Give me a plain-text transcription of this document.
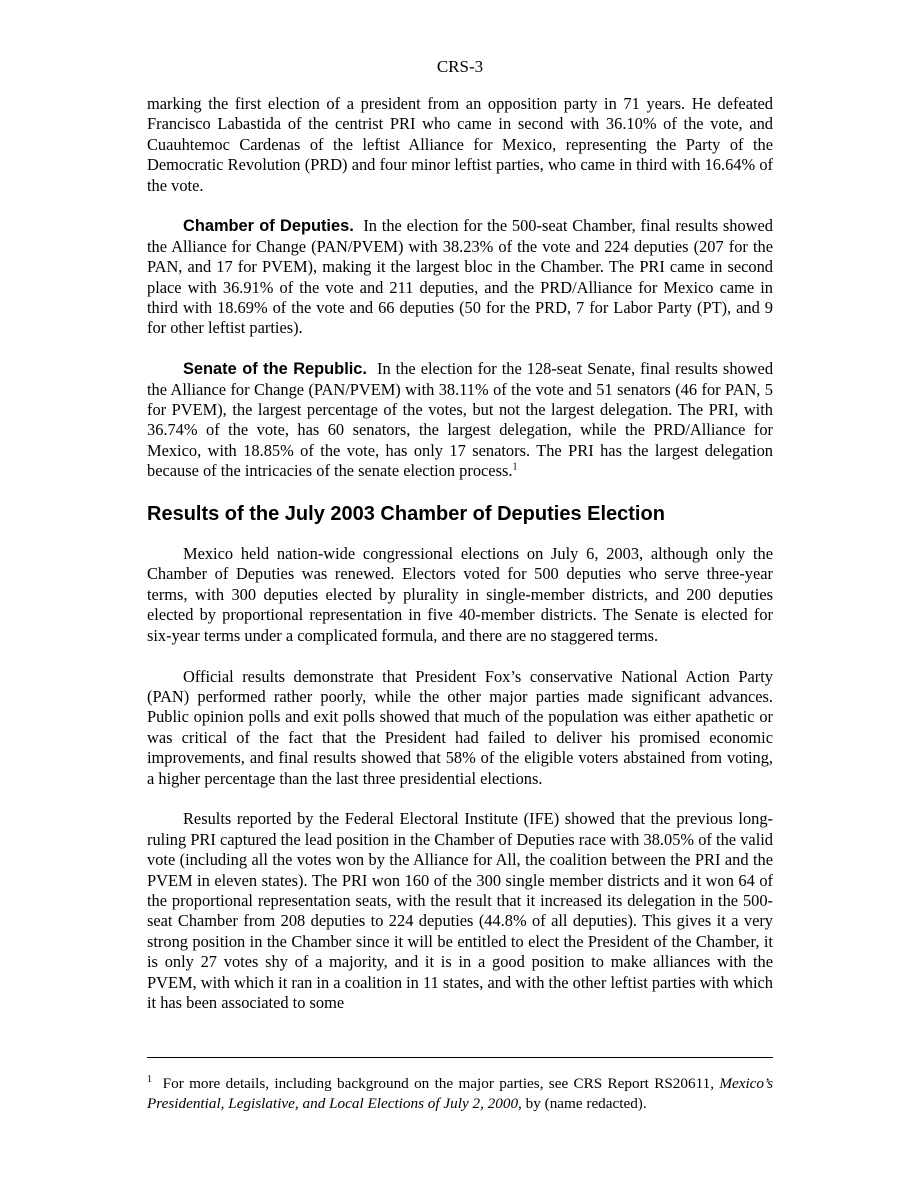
CRS-3

marking the first election of a president from an opposition party in 71 years. He defeated Francisco Labastida of the centrist PRI who came in second with 36.10% of the vote, and Cuauhtemoc Cardenas of the leftist Alliance for Mexico, representing the Party of the Democratic Revolution (PRD) and four minor leftist parties, who came in third with 16.64% of the vote.

Chamber of Deputies. In the election for the 500-seat Chamber, final results showed the Alliance for Change (PAN/PVEM) with 38.23% of the vote and 224 deputies (207 for the PAN, and 17 for PVEM), making it the largest bloc in the Chamber. The PRI came in second place with 36.91% of the vote and 211 deputies, and the PRD/Alliance for Mexico came in third with 18.69% of the vote and 66 deputies (50 for the PRD, 7 for Labor Party (PT), and 9 for other leftist parties).

Senate of the Republic. In the election for the 128-seat Senate, final results showed the Alliance for Change (PAN/PVEM) with 38.11% of the vote and 51 senators (46 for PAN, 5 for PVEM), the largest percentage of the votes, but not the largest delegation. The PRI, with 36.74% of the vote, has 60 senators, the largest delegation, while the PRD/Alliance for Mexico, with 18.85% of the vote, has only 17 senators. The PRI has the largest delegation because of the intricacies of the senate election process.$^1$

Results of the July 2003 Chamber of Deputies Election

Mexico held nation-wide congressional elections on July 6, 2003, although only the Chamber of Deputies was renewed. Electors voted for 500 deputies who serve three-year terms, with 300 deputies elected by plurality in single-member districts, and 200 deputies elected by proportional representation in five 40-member districts. The Senate is elected for six-year terms under a complicated formula, and there are no staggered terms.

Official results demonstrate that President Fox’s conservative National Action Party (PAN) performed rather poorly, while the other major parties made significant advances. Public opinion polls and exit polls showed that much of the population was either apathetic or was critical of the fact that the President had failed to deliver his promised economic improvements, and final results showed that 58% of the eligible voters abstained from voting, a higher percentage than the last three presidential elections.

Results reported by the Federal Electoral Institute (IFE) showed that the previous long-ruling PRI captured the lead position in the Chamber of Deputies race with 38.05% of the valid vote (including all the votes won by the Alliance for All, the coalition between the PRI and the PVEM in eleven states). The PRI won 160 of the 300 single member districts and it won 64 of the proportional representation seats, with the result that it increased its delegation in the 500-seat Chamber from 208 deputies to 224 deputies (44.8% of all deputies). This gives it a very strong position in the Chamber since it will be entitled to elect the President of the Chamber, it is only 27 votes shy of a majority, and it is in a good position to make alliances with the PVEM, with which it ran in a coalition in 11 states, and with the other leftist parties with which it has been associated to some

$^1$ For more details, including background on the major parties, see CRS Report RS20611, Mexico’s Presidential, Legislative, and Local Elections of July 2, 2000, by (name redacted).
